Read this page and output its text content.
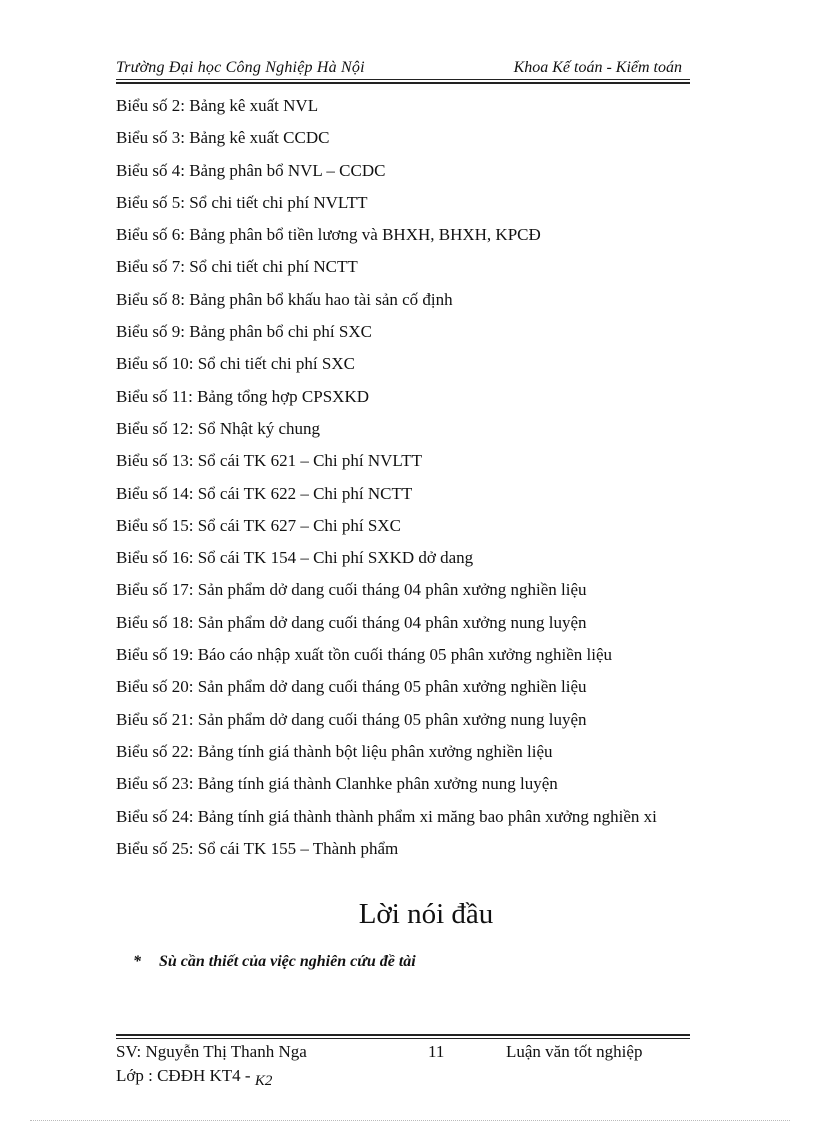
Trường Đại học Công Nghiệp Hà Nội	Khoa Kế toán - Kiểm toán
Biểu số 2: Bảng kê xuất NVL
Biểu số 3: Bảng kê xuất CCDC
Biểu số 4: Bảng phân bổ NVL – CCDC
Biểu số 5: Sổ chi tiết chi phí NVLTT
Biểu số 6: Bảng phân bổ tiền lương và BHXH, BHXH, KPCĐ
Biểu số 7: Sổ chi tiết chi phí NCTT
Biểu số 8: Bảng phân bổ khấu hao tài sản cố định
Biểu số 9: Bảng phân bổ chi phí SXC
Biểu số 10: Sổ chi tiết chi phí SXC
Biểu số 11: Bảng tổng hợp CPSXKD
Biểu số 12: Sổ Nhật ký chung
Biểu số 13: Sổ cái TK 621 – Chi phí NVLTT
Biểu số 14: Sổ cái TK 622 – Chi phí NCTT
Biểu số 15: Sổ cái TK 627 – Chi phí SXC
Biểu số 16: Sổ cái TK 154 – Chi phí SXKD dở dang
Biểu số 17: Sản phẩm dở dang cuối tháng 04 phân xưởng nghiền liệu
Biểu số 18: Sản phẩm dở dang cuối tháng 04 phân xưởng nung luyện
Biểu số 19: Báo cáo nhập xuất tồn cuối tháng 05 phân xưởng nghiền liệu
Biểu số 20: Sản phẩm dở dang cuối tháng 05 phân xưởng nghiền liệu
Biểu số 21: Sản phẩm dở dang cuối tháng 05 phân xưởng nung luyện
Biểu số 22: Bảng tính giá thành bột liệu phân xưởng nghiền liệu
Biểu số 23: Bảng tính giá thành Clanhke phân xưởng nung luyện
Biểu số 24: Bảng tính giá thành thành phẩm xi măng bao phân xưởng nghiền xi
Biểu số 25: Sổ cái TK 155 – Thành phẩm
Lời nói đầu
* Sù cần thiết của việc nghiên cứu đề tài
SV: Nguyễn Thị Thanh Nga	11	Luận văn tốt nghiệp
Lớp : CĐĐH KT4 - K2
